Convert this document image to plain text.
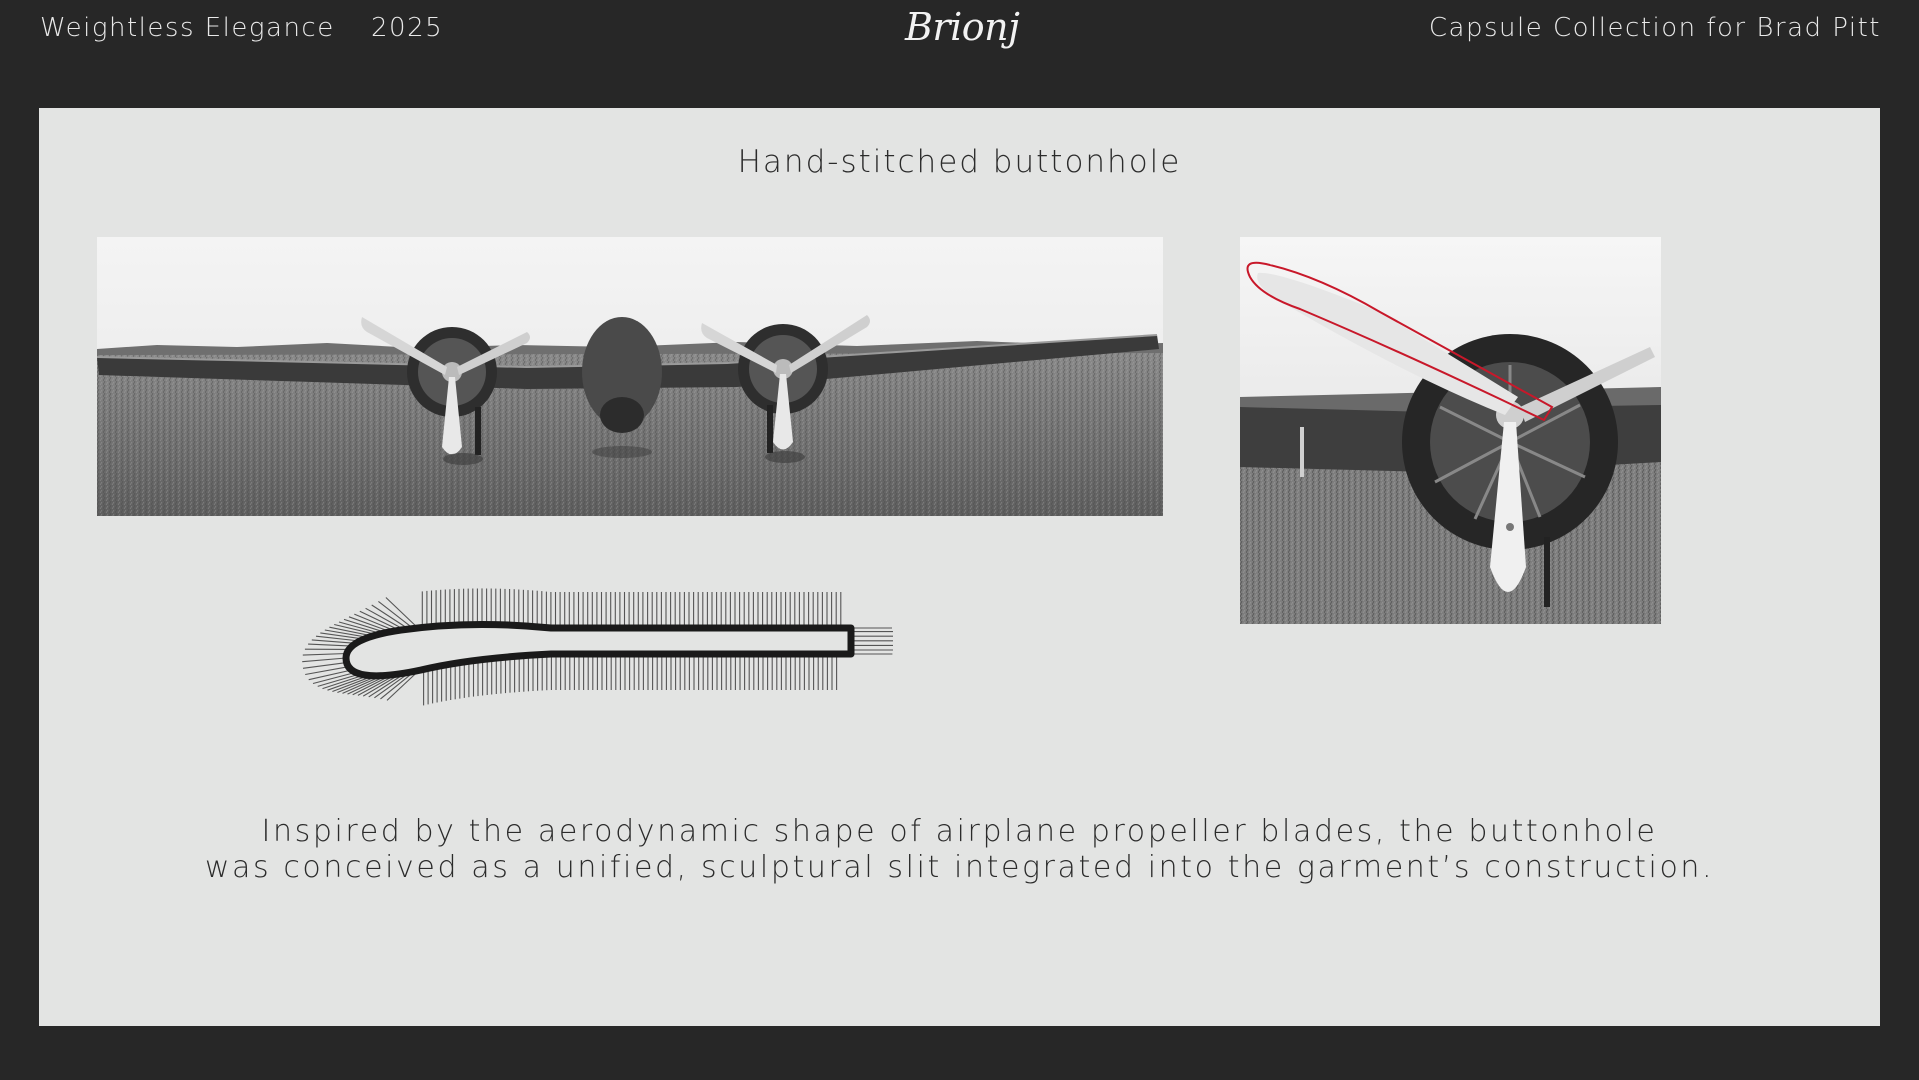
Weightless Elegance 2025	Brionj	Capsule Collection for Brad Pitt
Hand-stitched buttonhole
Inspired by the aerodynamic shape of airplane propeller blades, the buttonhole
was conceived as a unified, sculptural slit integrated into the garment’s construction.
